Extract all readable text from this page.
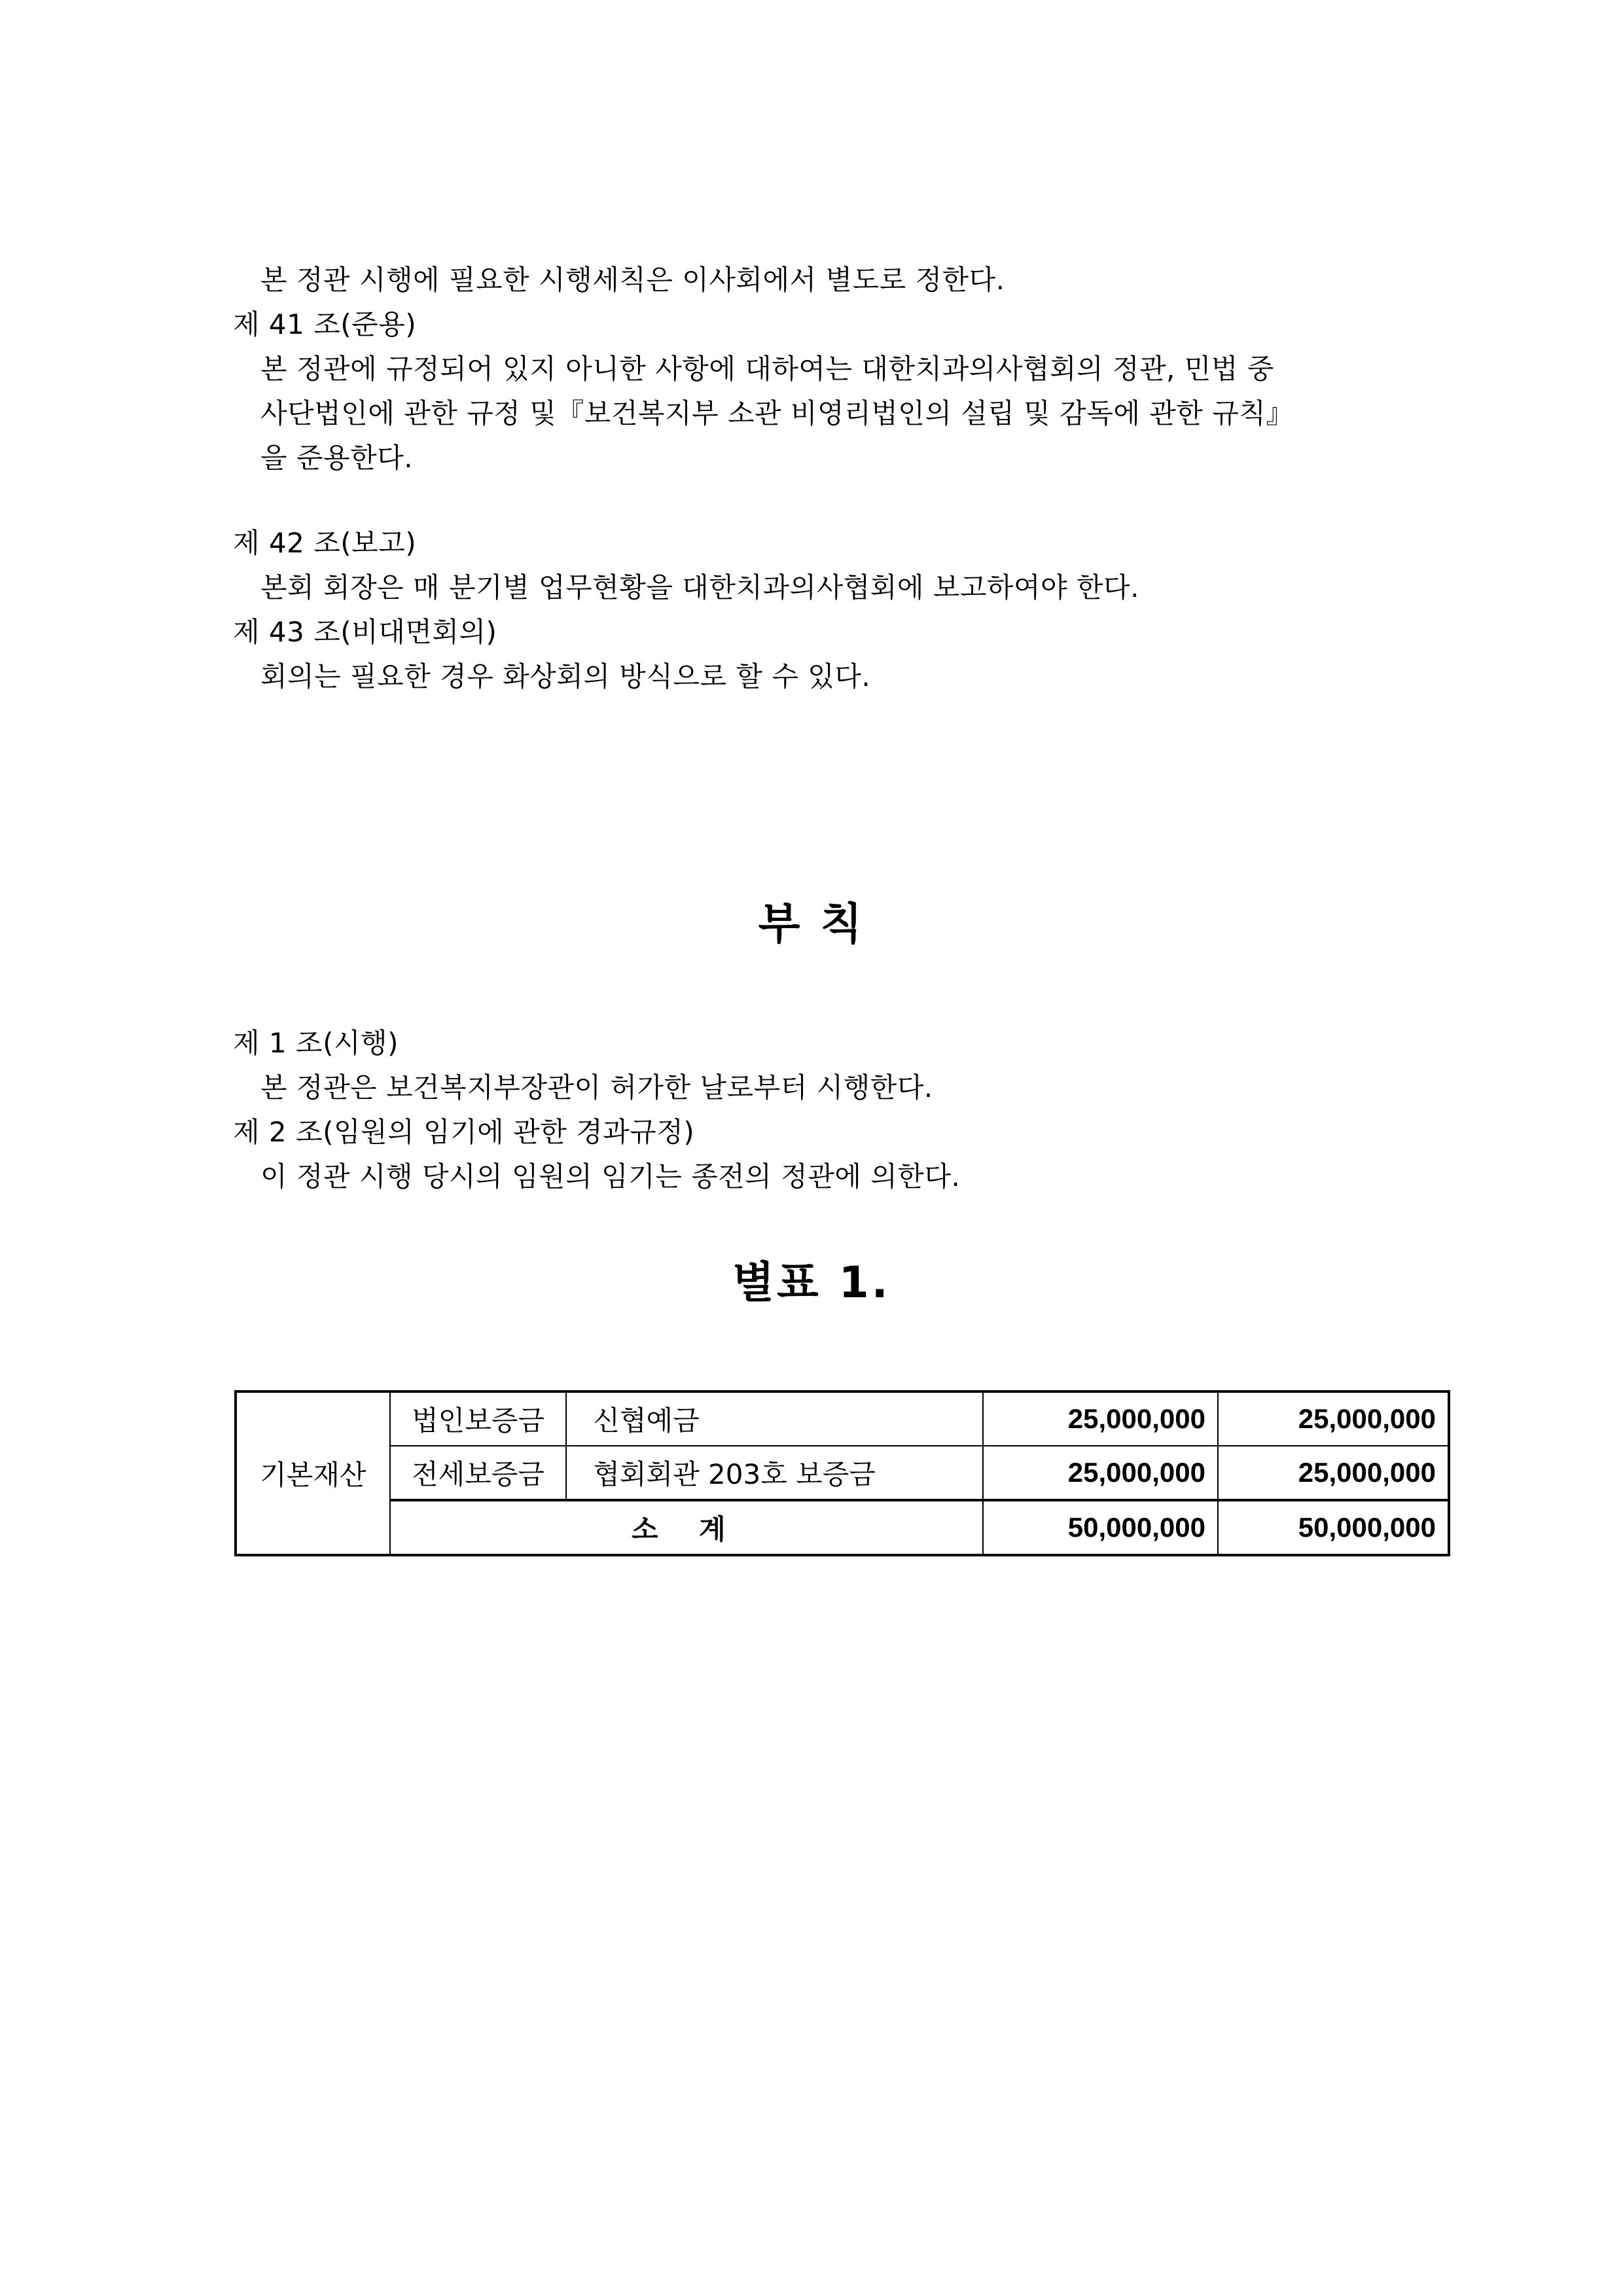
본 정관 시행에 필요한 시행세칙은 이사회에서 별도로 정한다.
제 41 조(준용)
본 정관에 규정되어 있지 아니한 사항에 대하여는 대한치과의사협회의 정관, 민법 중
사단법인에 관한 규정 및『보건복지부 소관 비영리법인의 설립 및 감독에 관한 규칙』
을 준용한다.
제 42 조(보고)
본회 회장은 매 분기별 업무현황을 대한치과의사협회에 보고하여야 한다.
제 43 조(비대면회의)
회의는 필요한 경우 화상회의 방식으로 할 수 있다.
부 칙
제 1 조(시행)
본 정관은 보건복지부장관이 허가한 날로부터 시행한다.
제 2 조(임원의 임기에 관한 경과규정)
이 정관 시행 당시의 임원의 임기는 종전의 정관에 의한다.
별표 1.
기본재산	법인보증금	신협예금	25,000,000	25,000,000
	전세보증금	협회회관 203호 보증금	25,000,000	25,000,000
	소 계		50,000,000	50,000,000
